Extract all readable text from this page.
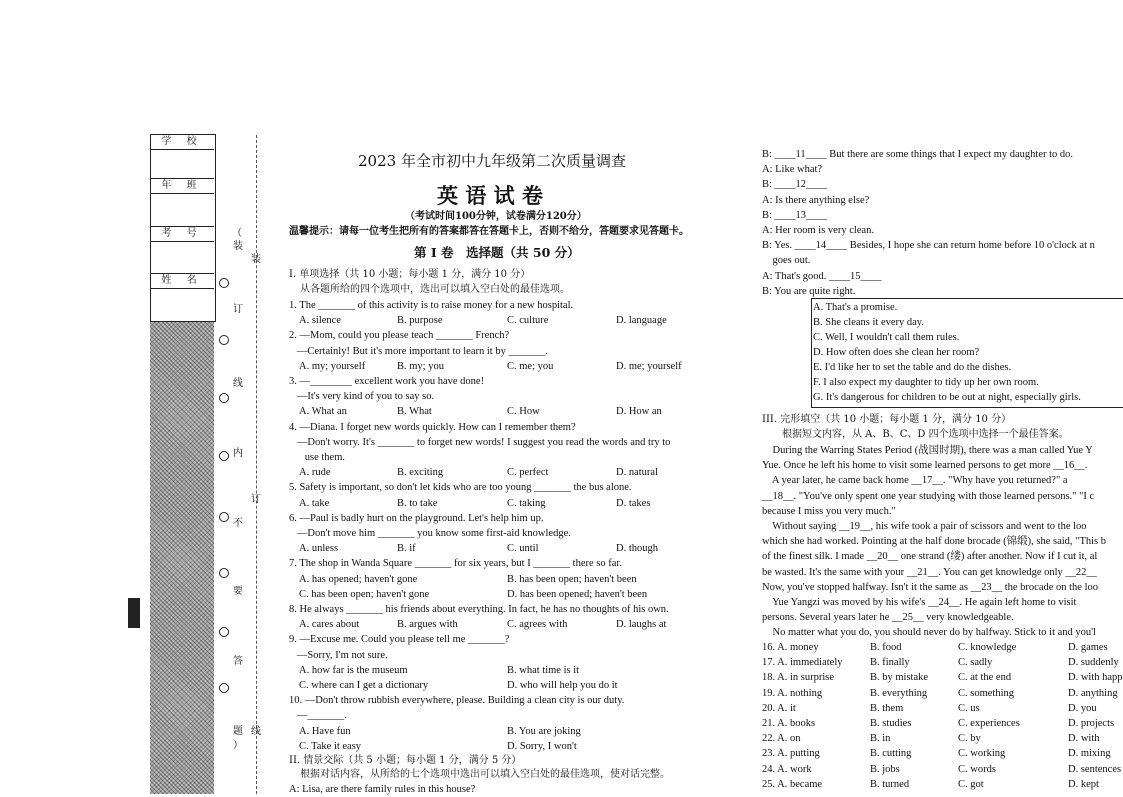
学 校
年 班
考 号
姓 名
（
装
装
订
线
内
订
不
要
答
题 线
）
2023 年全市初中九年级第二次质量调查
英 语 试 卷
（考试时间100分钟，试卷满分120分）
温馨提示：请每一位考生把所有的答案都答在答题卡上，否则不给分，答题要求见答题卡。
第 I 卷　选择题（共 50 分）
I. 单项选择（共 10 小题；每小题 1 分，满分 10 分）
从各题所给的四个选项中，选出可以填入空白处的最佳选项。
1. The _______ of this activity is to raise money for a new hospital.
A. silence	B. purpose	C. culture	D. language
2. —Mom, could you please teach _______ French?
—Certainly! But it's more important to learn it by _______.
A. my; yourself	B. my; you	C. me; you	D. me; yourself
3. —________ excellent work you have done!
—It's very kind of you to say so.
A. What an	B. What	C. How	D. How an
4. —Diana. I forget new words quickly. How can I remember them?
—Don't worry. It's _______ to forget new words! I suggest you read the words and try to
use them.
A. rude	B. exciting	C. perfect	D. natural
5. Safety is important, so don't let kids who are too young _______ the bus alone.
A. take	B. to take	C. taking	D. takes
6. —Paul is badly hurt on the playground. Let's help him up.
—Don't move him _______ you know some first-aid knowledge.
A. unless	B. if	C. until	D. though
7. The shop in Wanda Square _______ for six years, but I _______ there so far.
A. has opened; haven't gone	B. has been open; haven't been
C. has been open; haven't gone	D. has been opened; haven't been
8. He always _______ his friends about everything. In fact, he has no thoughts of his own.
A. cares about	B. argues with	C. agrees with	D. laughs at
9. —Excuse me. Could you please tell me _______?
—Sorry, I'm not sure.
A. how far is the museum	B. what time is it
C. where can I get a dictionary	D. who will help you do it
10. —Don't throw rubbish everywhere, please. Building a clean city is our duty.
—_______.
A. Have fun	B. You are joking
C. Take it easy	D. Sorry, I won't
II. 情景交际（共 5 小题；每小题 1 分，满分 5 分）
根据对话内容，从所给的七个选项中选出可以填入空白处的最佳选项，使对话完整。
A: Lisa, are there family rules in this house?
B: ____11____ But there are some things that I expect my daughter to do.
A: Like what?
B: ____12____
A: Is there anything else?
B: ____13____
A: Her room is very clean.
B: Yes. ____14____ Besides, I hope she can return home before 10 o'clock at n
goes out.
A: That's good. ____15____
B: You are quite right.
A. That's a promise.
B. She cleans it every day.
C. Well, I wouldn't call them rules.
D. How often does she clean her room?
E. I'd like her to set the table and do the dishes.
F. I also expect my daughter to tidy up her own room.
G. It's dangerous for children to be out at night, especially girls.
III. 完形填空（共 10 小题；每小题 1 分，满分 10 分）
根据短文内容，从 A、B、C、D 四个选项中选择一个最佳答案。
During the Warring States Period (战国时期), there was a man called Yue Y
Yue. Once he left his home to visit some learned persons to get more __16__.
A year later, he came back home __17__. "Why have you returned?" a
__18__. "You've only spent one year studying with those learned persons." "I c
because I miss you very much."
Without saying __19__, his wife took a pair of scissors and went to the loo
which she had worked. Pointing at the half done brocade (锦缎), she said, "This b
of the finest silk. I made __20__ one strand (缕) after another. Now if I cut it, al
be wasted. It's the same with your __21__. You can get knowledge only __22__
Now, you've stopped halfway. Isn't it the same as __23__ the brocade on the loo
Yue Yangzi was moved by his wife's __24__. He again left home to visit
persons. Several years later he __25__ very knowledgeable.
No matter what you do, you should never do by halfway. Stick to it and you'l
16. A. money	B. food	C. knowledge	D. games
17. A. immediately	B. finally	C. sadly	D. suddenly
18. A. in surprise	B. by mistake	C. at the end	D. with happ
19. A. nothing	B. everything	C. something	D. anything
20. A. it	B. them	C. us	D. you
21. A. books	B. studies	C. experiences	D. projects
22. A. on	B. in	C. by	D. with
23. A. putting	B. cutting	C. working	D. mixing
24. A. work	B. jobs	C. words	D. sentences
25. A. became	B. turned	C. got	D. kept
